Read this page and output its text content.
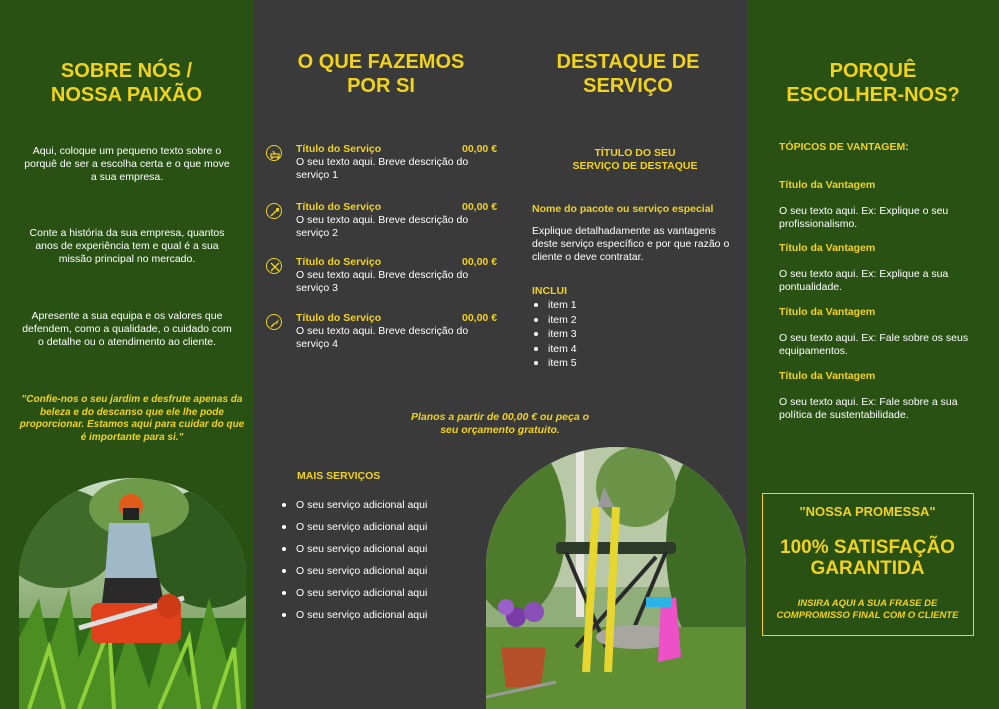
SOBRE NÓS /
NOSSA PAIXÃO
Aqui, coloque um pequeno texto sobre o porquê de ser a escolha certa e o que move a sua empresa.
Conte a história da sua empresa, quantos anos de experiência tem e qual é a sua missão principal no mercado.
Apresente a sua equipa e os valores que defendem, como a qualidade, o cuidado com o detalhe ou o atendimento ao cliente.
"Confie-nos o seu jardim e desfrute apenas da beleza e do descanso que ele lhe pode proporcionar. Estamos aqui para cuidar do que é importante para si."
O QUE FAZEMOS
POR SI
Título do Serviço	00,00 €
O seu texto aqui. Breve descrição do
serviço 1
Título do Serviço	00,00 €
O seu texto aqui. Breve descrição do
serviço 2
Título do Serviço	00,00 €
O seu texto aqui. Breve descrição do
serviço 3
Título do Serviço	00,00 €
O seu texto aqui. Breve descrição do
serviço 4
Planos a partir de 00,00 € ou peça o
seu orçamento gratuito.
MAIS SERVIÇOS
O seu serviço adicional aqui
O seu serviço adicional aqui
O seu serviço adicional aqui
O seu serviço adicional aqui
O seu serviço adicional aqui
O seu serviço adicional aqui
DESTAQUE DE
SERVIÇO
TÍTULO DO SEU
SERVIÇO DE DESTAQUE
Nome do pacote ou serviço especial
Explique detalhadamente as vantagens deste serviço específico e por que razão o cliente o deve contratar.
INCLUI
item 1
item 2
item 3
item 4
item 5
PORQUÊ
ESCOLHER-NOS?
TÓPICOS DE VANTAGEM:
Título da Vantagem
O seu texto aqui. Ex: Explique o seu profissionalismo.
Título da Vantagem
O seu texto aqui. Ex: Explique a sua pontualidade.
Título da Vantagem
O seu texto aqui. Ex: Fale sobre os seus equipamentos.
Título da Vantagem
O seu texto aqui. Ex: Fale sobre a sua política de sustentabilidade.
"NOSSA PROMESSA"
100% SATISFAÇÃO
GARANTIDA
INSIRA AQUI A SUA FRASE DE COMPROMISSO FINAL COM O CLIENTE
